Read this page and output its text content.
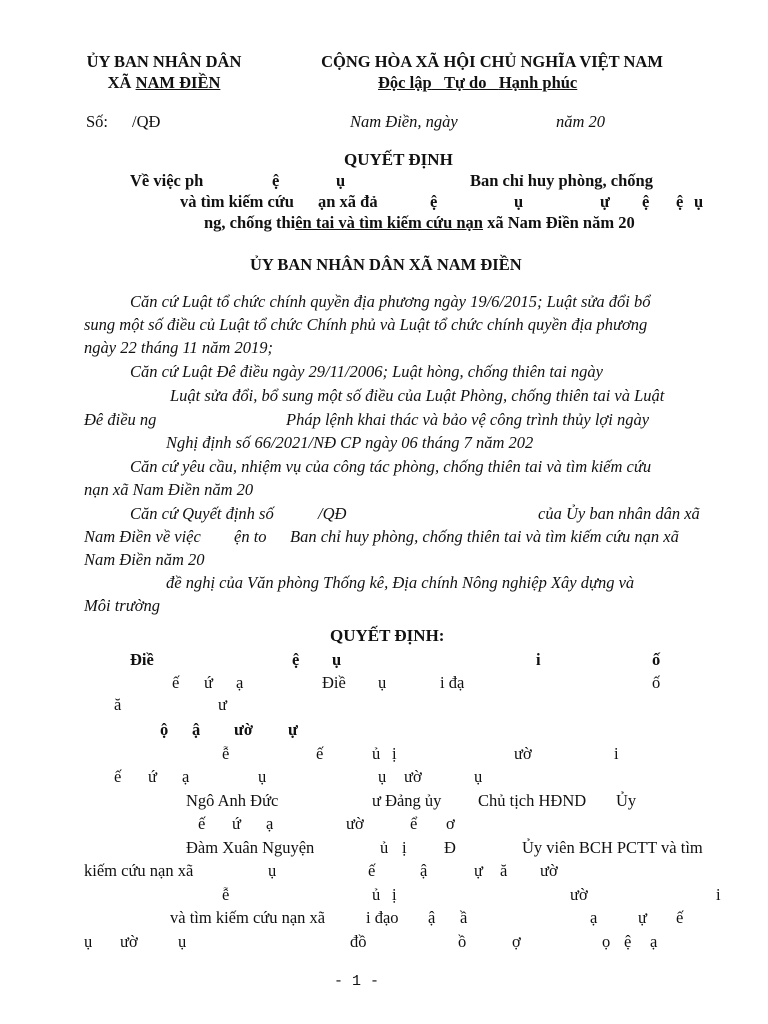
ỦY BAN NHÂN DÂN
XÃ NAM ĐIỀN
CỘNG HÒA XÃ HỘI CHỦ NGHĨA VIỆT NAM
Độc lập Tự do Hạnh phúc
Số: /QĐ	Nam Điền, ngày	năm 20
QUYẾT ĐỊNH
Về việc ph	ệ	ụ	Ban chỉ huy phòng, chống
và tìm kiếm cứu ạn xã đả	ệ	ụ	ự ệ ệ ụ
ng, chống thiên tai và tìm kiếm cứu nạn xã Nam Điền năm 20
ỦY BAN NHÂN DÂN XÃ NAM ĐIỀN
Căn cứ Luật tổ chức chính quyền địa phương ngày 19/6/2015; Luật sửa đổi bổ
sung một số điều củ Luật tổ chức Chính phủ và Luật tổ chức chính quyền địa phương
ngày 22 tháng 11 năm 2019;
Căn cứ Luật Đê điều ngày 29/11/2006; Luật hòng, chống thiên tai ngày
Luật sửa đổi, bổ sung một số điều của Luật Phòng, chống thiên tai và Luật
Đê điều ng	Pháp lệnh khai thác và bảo vệ công trình thủy lợi ngày
Nghị định số 66/2021/NĐ CP ngày 06 tháng 7 năm 202
Căn cứ yêu cầu, nhiệm vụ của công tác phòng, chống thiên tai và tìm kiếm cứu
nạn xã Nam Điền năm 20
Căn cứ Quyết định số	/QĐ	của Ủy ban nhân dân xã
Nam Điền về việc ện to Ban chỉ huy phòng, chống thiên tai và tìm kiếm cứu nạn xã
Nam Điền năm 20
đề nghị của Văn phòng Thống kê, Địa chính Nông nghiệp Xây dựng và
Môi trường
QUYẾT ĐỊNH:
Điề	ệ ụ	i	ố
ế ứ ạ	Điề ụ	i đạ	ố
ă	ư
ộ ậ ườ ự
ễ	ế	ủ ị	ườ	i
ế ứ ạ	ụ	ụ ườ	ụ
Ngô Anh Đức	ư Đảng ủy Chủ tịch HĐND Ủy
ế ứ ạ	ườ	ể ơ
Đàm Xuân Nguyện	ủ ị Đ	Ủy viên BCH PCTT và tìm
kiếm cứu nạn xã	ụ	ế	ậ	ự ă ườ
ễ	ủ ị	ườ	i
và tìm kiếm cứu nạn xã i đạo ậ ầ	ạ ự ế
ụ ườ ụ	đồ	ồ	ợ	ọ ệ ạ
- 1 -
